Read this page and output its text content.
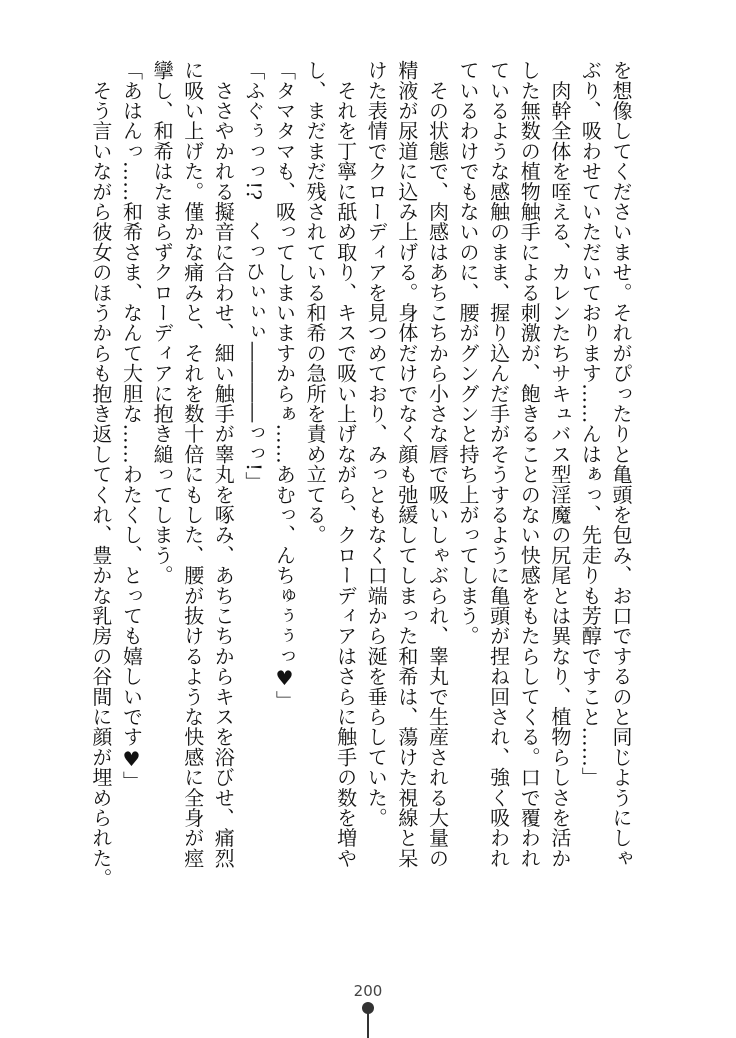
を想像してくださいませ。それがぴったりと亀頭を包み、お口でするのと同じようにしゃ
ぶり、吸わせていただいております……んはぁっ、先走りも芳醇ですこと……」
　肉幹全体を咥える、カレンたちサキュバス型淫魔の尻尾とは異なり、植物らしさを活か
した無数の植物触手による刺激が、飽きることのない快感をもたらしてくる。口で覆われ
ているような感触のまま、握り込んだ手がそうするように亀頭が捏ね回され、強く吸われ
ているわけでもないのに、腰がグングンと持ち上がってしまう。
　その状態で、肉感はあちこちから小さな唇で吸いしゃぶられ、睾丸で生産される大量の
精液が尿道に込み上げる。身体だけでなく顔も弛緩してしまった和希は、蕩けた視線と呆
けた表情でクローディアを見つめており、みっともなく口端から涎を垂らしていた。
　それを丁寧に舐め取り、キスで吸い上げながら、クローディアはさらに触手の数を増や
し、まだまだ残されている和希の急所を責め立てる。
「タマタマも、吸ってしまいますからぁ……あむっ、んちゅぅぅっ♥」
「ふぐぅっっ!?　くっひぃぃぃ――――っっ!」
　ささやかれる擬音に合わせ、細い触手が睾丸を啄み、あちこちからキスを浴びせ、痛烈
に吸い上げた。僅かな痛みと、それを数十倍にもした、腰が抜けるような快感に全身が痙
攣し、和希はたまらずクローディアに抱き縋ってしまう。
「あはんっ……和希さま、なんて大胆な……わたくし、とっても嬉しいです♥」
　そう言いながら彼女のほうからも抱き返してくれ、豊かな乳房の谷間に顔が埋められた。
200
